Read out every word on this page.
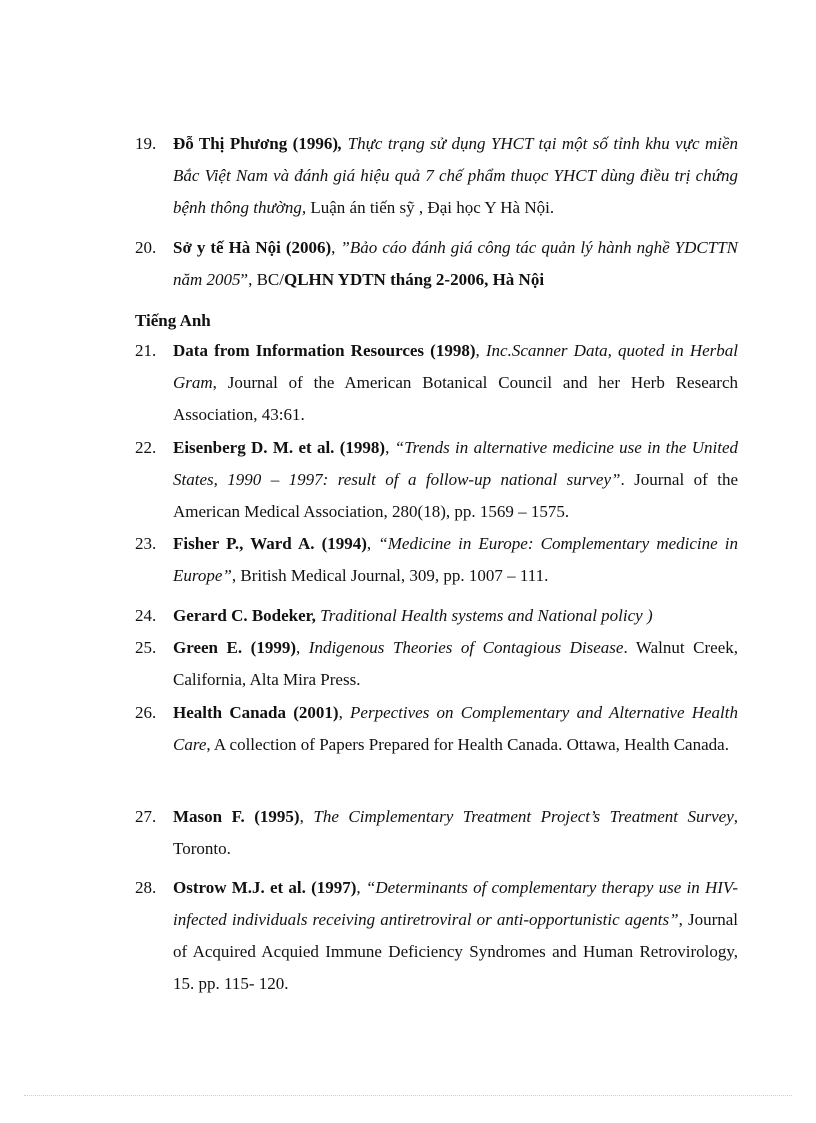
19. Đỗ Thị Phương (1996), Thực trạng sử dụng YHCT tại một số tỉnh khu vực miền Bắc Việt Nam và đánh giá hiệu quả 7 chế phẩm thuọc YHCT dùng điều trị chứng bệnh thông thường, Luận án tiến sỹ , Đại học Y Hà Nội.
20. Sở y tế Hà Nội (2006), ”Bảo cáo đánh giá công tác quản lý hành nghề YDCTTN năm 2005”, BC/QLHN YDTN tháng 2-2006, Hà Nội
Tiếng Anh
21. Data from Information Resources (1998), Inc.Scanner Data, quoted in Herbal Gram, Journal of the American Botanical Council and her Herb Research Association, 43:61.
22. Eisenberg D. M. et al. (1998), “Trends in alternative medicine use in the United States, 1990 – 1997: result of a follow-up national survey”. Journal of the American Medical Association, 280(18), pp. 1569 – 1575.
23. Fisher P., Ward A. (1994), “Medicine in Europe: Complementary medicine in Europe”, British Medical Journal, 309, pp. 1007 – 111.
24. Gerard C. Bodeker, Traditional Health systems and National policy )
25. Green E. (1999), Indigenous Theories of Contagious Disease. Walnut Creek, California, Alta Mira Press.
26. Health Canada (2001), Perpectives on Complementary and Alternative Health Care, A collection of Papers Prepared for Health Canada. Ottawa, Health Canada.
27. Mason F. (1995), The Cimplementary Treatment Project’s Treatment Survey, Toronto.
28. Ostrow M.J. et al. (1997), “Determinants of complementary therapy use in HIV-infected individuals receiving antiretroviral or anti-opportunistic agents”, Journal of Acquired Acquied Immune Deficiency Syndromes and Human Retrovirology, 15. pp. 115- 120.
